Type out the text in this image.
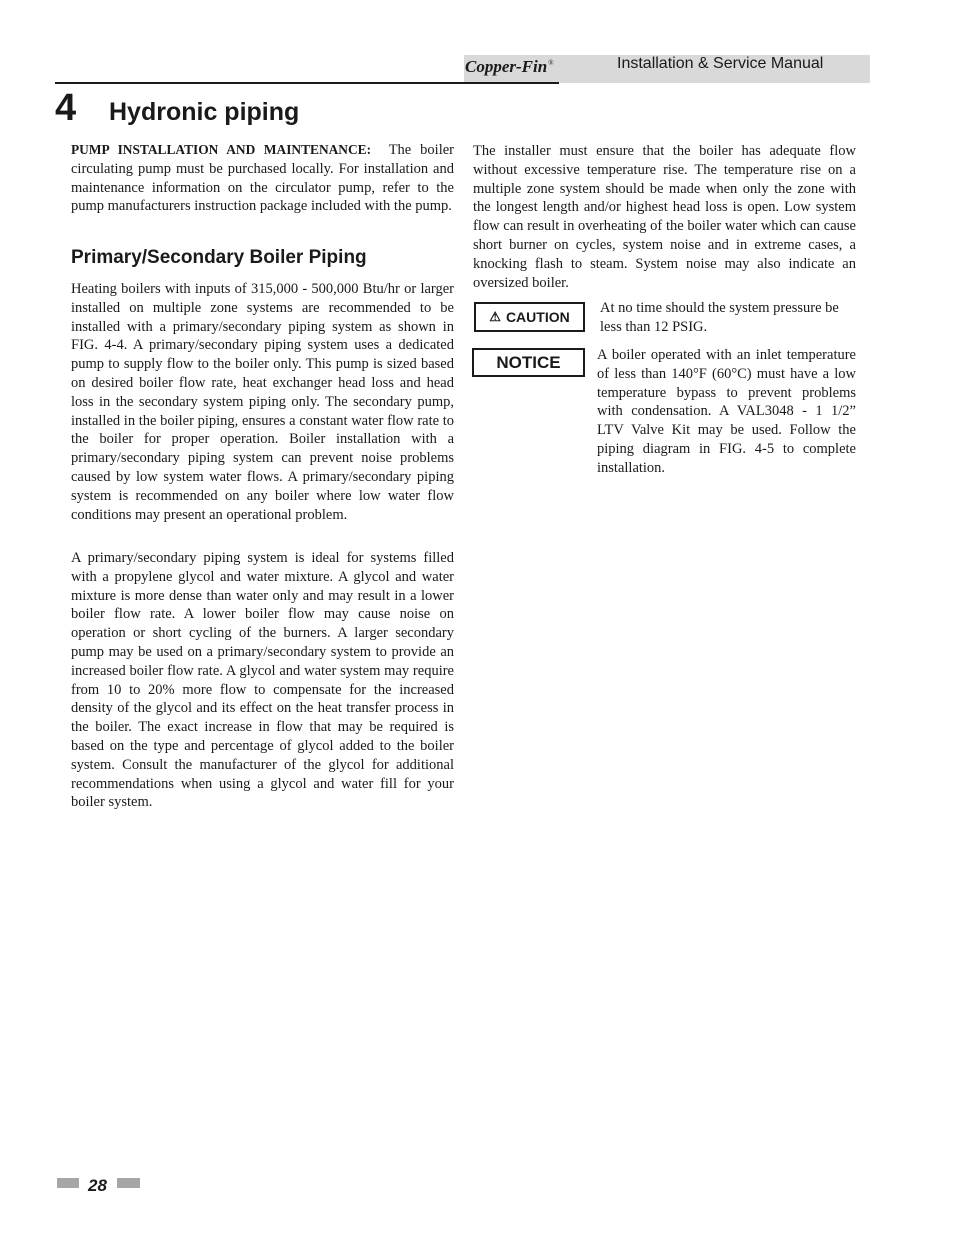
Copper-Fin®	Installation & Service Manual
4 Hydronic piping

PUMP INSTALLATION AND MAINTENANCE: The boiler circulating pump must be purchased locally. For installation and maintenance information on the circulator pump, refer to the pump manufacturers instruction package included with the pump.

Primary/Secondary Boiler Piping

Heating boilers with inputs of 315,000 - 500,000 Btu/hr or larger installed on multiple zone systems are recommended to be installed with a primary/secondary piping system as shown in FIG. 4-4. A primary/secondary piping system uses a dedicated pump to supply flow to the boiler only. This pump is sized based on desired boiler flow rate, heat exchanger head loss and head loss in the secondary system piping only. The secondary pump, installed in the boiler piping, ensures a constant water flow rate to the boiler for proper operation. Boiler installation with a primary/secondary piping system can prevent noise problems caused by low system water flows. A primary/secondary piping system is recommended on any boiler where low water flow conditions may present an operational problem.

A primary/secondary piping system is ideal for systems filled with a propylene glycol and water mixture. A glycol and water mixture is more dense than water only and may result in a lower boiler flow rate. A lower boiler flow may cause noise on operation or short cycling of the burners. A larger secondary pump may be used on a primary/secondary system to provide an increased boiler flow rate. A glycol and water system may require from 10 to 20% more flow to compensate for the increased density of the glycol and its effect on the heat transfer process in the boiler. The exact increase in flow that may be required is based on the type and percentage of glycol added to the boiler system. Consult the manufacturer of the glycol for additional recommendations when using a glycol and water fill for your boiler system.

The installer must ensure that the boiler has adequate flow without excessive temperature rise. The temperature rise on a multiple zone system should be made when only the zone with the longest length and/or highest head loss is open. Low system flow can result in overheating of the boiler water which can cause short burner on cycles, system noise and in extreme cases, a knocking flash to steam. System noise may also indicate an oversized boiler.

⚠ CAUTION

At no time should the system pressure be less than 12 PSIG.

NOTICE	A boiler operated with an inlet temperature of less than 140°F (60°C) must have a low temperature bypass to prevent problems with condensation. A VAL3048 - 1 1/2” LTV Valve Kit may be used. Follow the piping diagram in FIG. 4-5 to complete installation.

28
